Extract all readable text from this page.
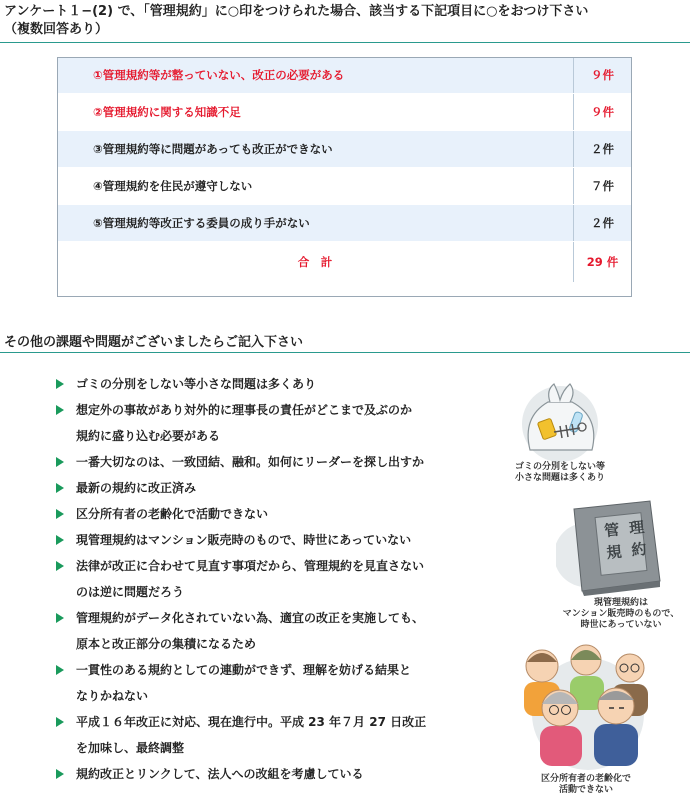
アンケート１−(2) で、「管理規約」に○印をつけられた場合、該当する下記項目に○をおつけ下さい
（複数回答あり）
①管理規約等が整っていない、改正の必要がある	９件
②管理規約に関する知識不足	９件
③管理規約等に問題があっても改正ができない	２件
④管理規約を住民が遵守しない	７件
⑤管理規約等改正する委員の成り手がない	２件
合　計	29 件
その他の課題や問題がございましたらご記入下さい
ゴミの分別をしない等小さな問題は多くあり
想定外の事故があり対外的に理事長の責任がどこまで及ぶのか
規約に盛り込む必要がある
一番大切なのは、一致団結、融和。如何にリーダーを探し出すか
最新の規約に改正済み
区分所有者の老齢化で活動できない
現管理規約はマンション販売時のもので、時世にあっていない
法律が改正に合わせて見直す事項だから、管理規約を見直さない
のは逆に問題だろう
管理規約がデータ化されていない為、適宜の改正を実施しても、
原本と改正部分の集積になるため
一貫性のある規約としての連動ができず、理解を妨げる結果と
なりかねない
平成１６年改正に対応、現在進行中。平成 23 年７月 27 日改正
を加味し、最終調整
規約改正とリンクして、法人への改組を考慮している
ゴミの分別をしない等
小さな問題は多くあり
管 理
規 約
現管理規約は
マンション販売時のもので、
時世にあっていない
区分所有者の老齢化で
活動できない
